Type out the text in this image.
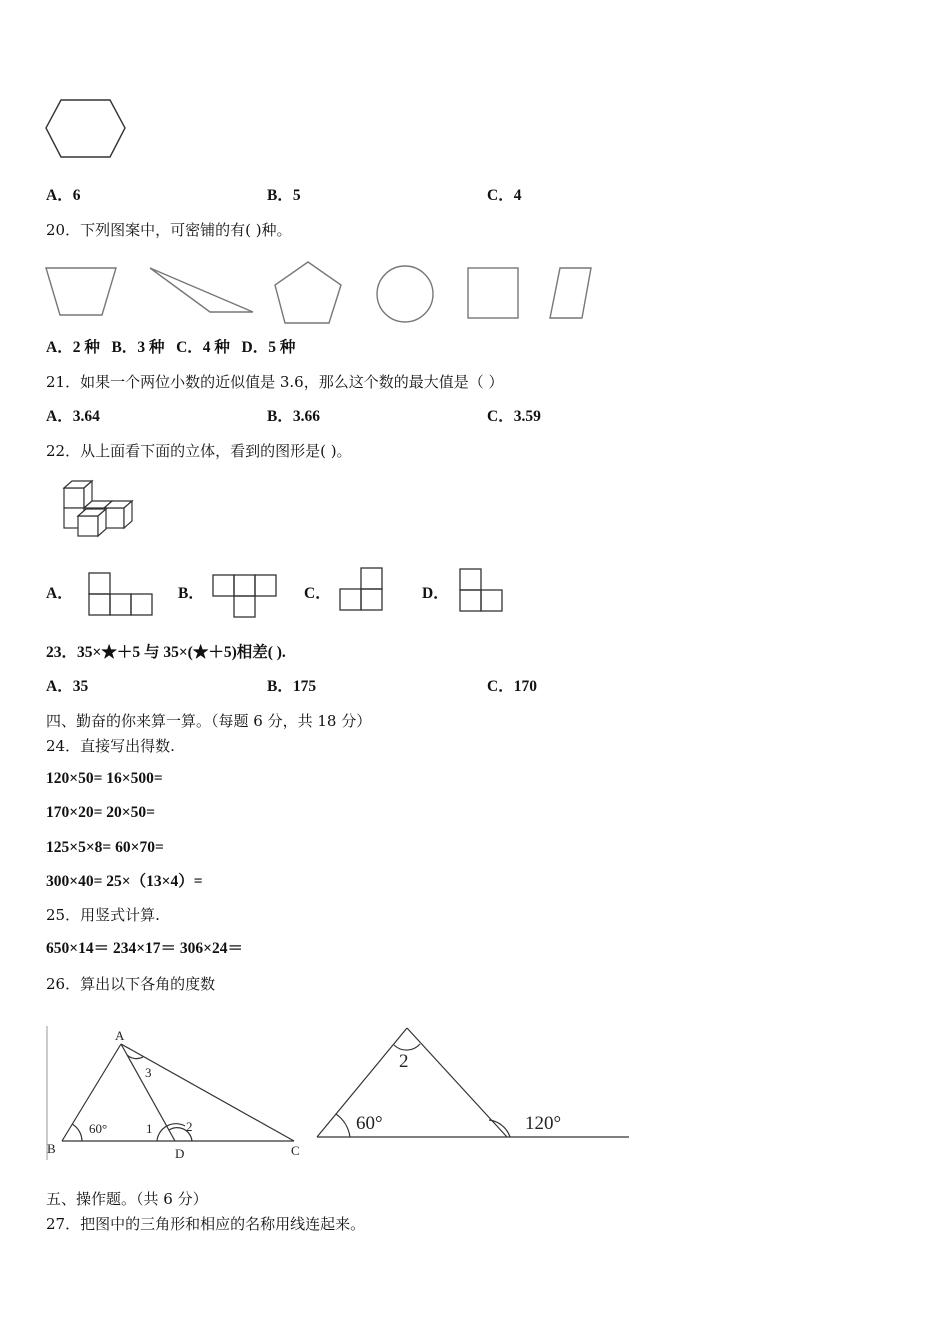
A．6	B．5	C．4
20．下列图案中，可密铺的有( )种。
A．2 种 B．3 种 C．4 种 D．5 种
21．如果一个两位小数的近似值是 3.6，那么这个数的最大值是（ ）
A．3.64	B．3.66	C．3.59
22．从上面看下面的立体，看到的图形是( )。
A．	B．	C．	D．
23．35×★＋5 与 35×(★＋5)相差( ).
A．35	B．175	C．170
四、勤奋的你来算一算。（每题 6 分，共 18 分）
24．直接写出得数.
120×50= 16×500=
170×20= 20×50=
125×5×8= 60×70=
300×40= 25×（13×4）=
25．用竖式计算.
650×14＝ 234×17＝ 306×24＝
26．算出以下各角的度数
A
B	C
D
60°	1	2
3
2
60°	120°
五、操作题。（共 6 分）
27．把图中的三角形和相应的名称用线连起来。
